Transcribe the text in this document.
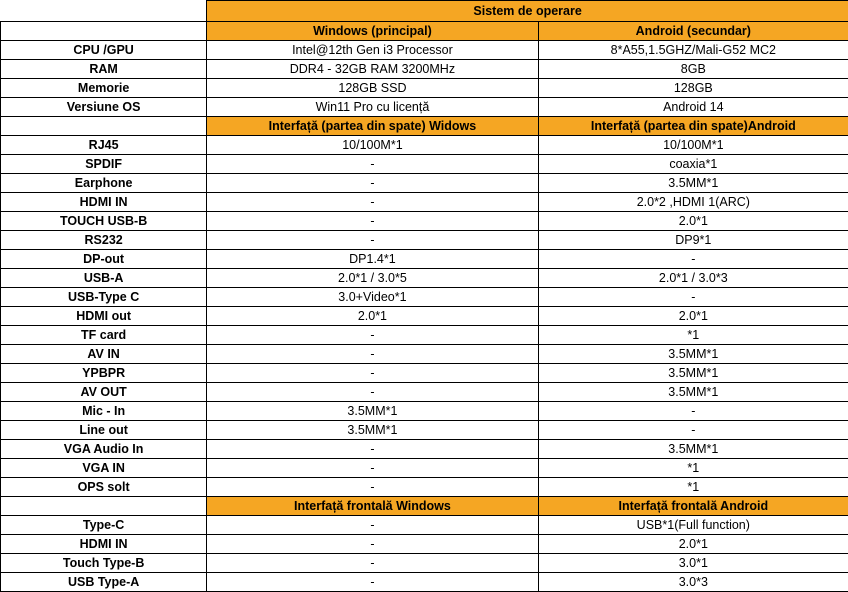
	Sistem de operare	
	Windows (principal)	Android (secundar)
CPU /GPU	Intel@12th Gen i3 Processor	8*A55,1.5GHZ/Mali-G52 MC2
RAM	DDR4 - 32GB RAM 3200MHz	8GB
Memorie	128GB SSD	128GB
Versiune OS	Win11 Pro cu licență	Android 14
	Interfață (partea din spate) Widows	Interfață (partea din spate)Android
RJ45	10/100M*1	10/100M*1
SPDIF	-	coaxia*1
Earphone	-	3.5MM*1
HDMI IN	-	2.0*2 ,HDMI 1(ARC)
TOUCH USB-B	-	2.0*1
RS232	-	DP9*1
DP-out	DP1.4*1	-
USB-A	2.0*1 / 3.0*5	2.0*1 / 3.0*3
USB-Type C	3.0+Video*1	-
HDMI out	2.0*1	2.0*1
TF card	-	*1
AV IN	-	3.5MM*1
YPBPR	-	3.5MM*1
AV OUT	-	3.5MM*1
Mic - In	3.5MM*1	-
Line out	3.5MM*1	-
VGA Audio In	-	3.5MM*1
VGA IN	-	*1
OPS solt	-	*1
	Interfață frontală Windows	Interfață frontală Android
Type-C	-	USB*1(Full function)
HDMI IN	-	2.0*1
Touch Type-B	-	3.0*1
USB Type-A	-	3.0*3
